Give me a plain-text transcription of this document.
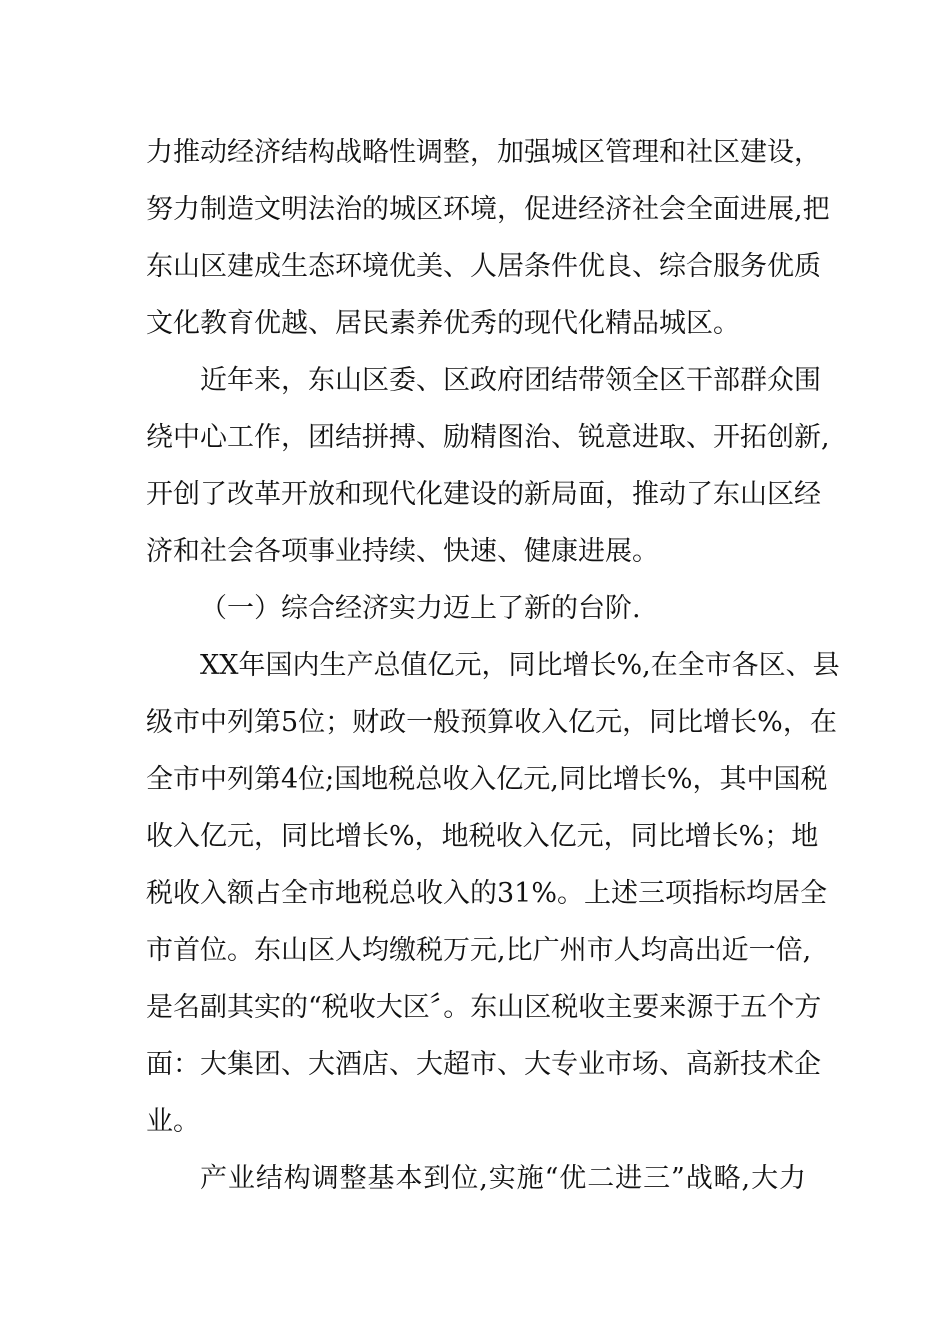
力推动经济结构战略性调整，加强城区管理和社区建设，
努力制造文明法治的城区环境，促进经济社会全面进展,把
东山区建成生态环境优美、人居条件优良、综合服务优质
文化教育优越、居民素养优秀的现代化精品城区。
近年来，东山区委、区政府团结带领全区干部群众围
绕中心工作，团结拼搏、励精图治、锐意进取、开拓创新,
开创了改革开放和现代化建设的新局面，推动了东山区经
济和社会各项事业持续、快速、健康进展。
（一）综合经济实力迈上了新的台阶.
XX年国内生产总值亿元，同比增长%,在全市各区、县
级市中列第5位；财政一般预算收入亿元，同比增长%，在
全市中列第4位;国地税总收入亿元,同比增长%，其中国税
收入亿元，同比增长%，地税收入亿元，同比增长%；地
税收入额占全市地税总收入的31%。上述三项指标均居全
市首位。东山区人均缴税万元,比广州市人均高出近一倍,
是名副其实的“税收大区〞。东山区税收主要来源于五个方
面：大集团、大酒店、大超市、大专业市场、高新技术企
业。
产业结构调整基本到位,实施“优二进三”战略,大力
